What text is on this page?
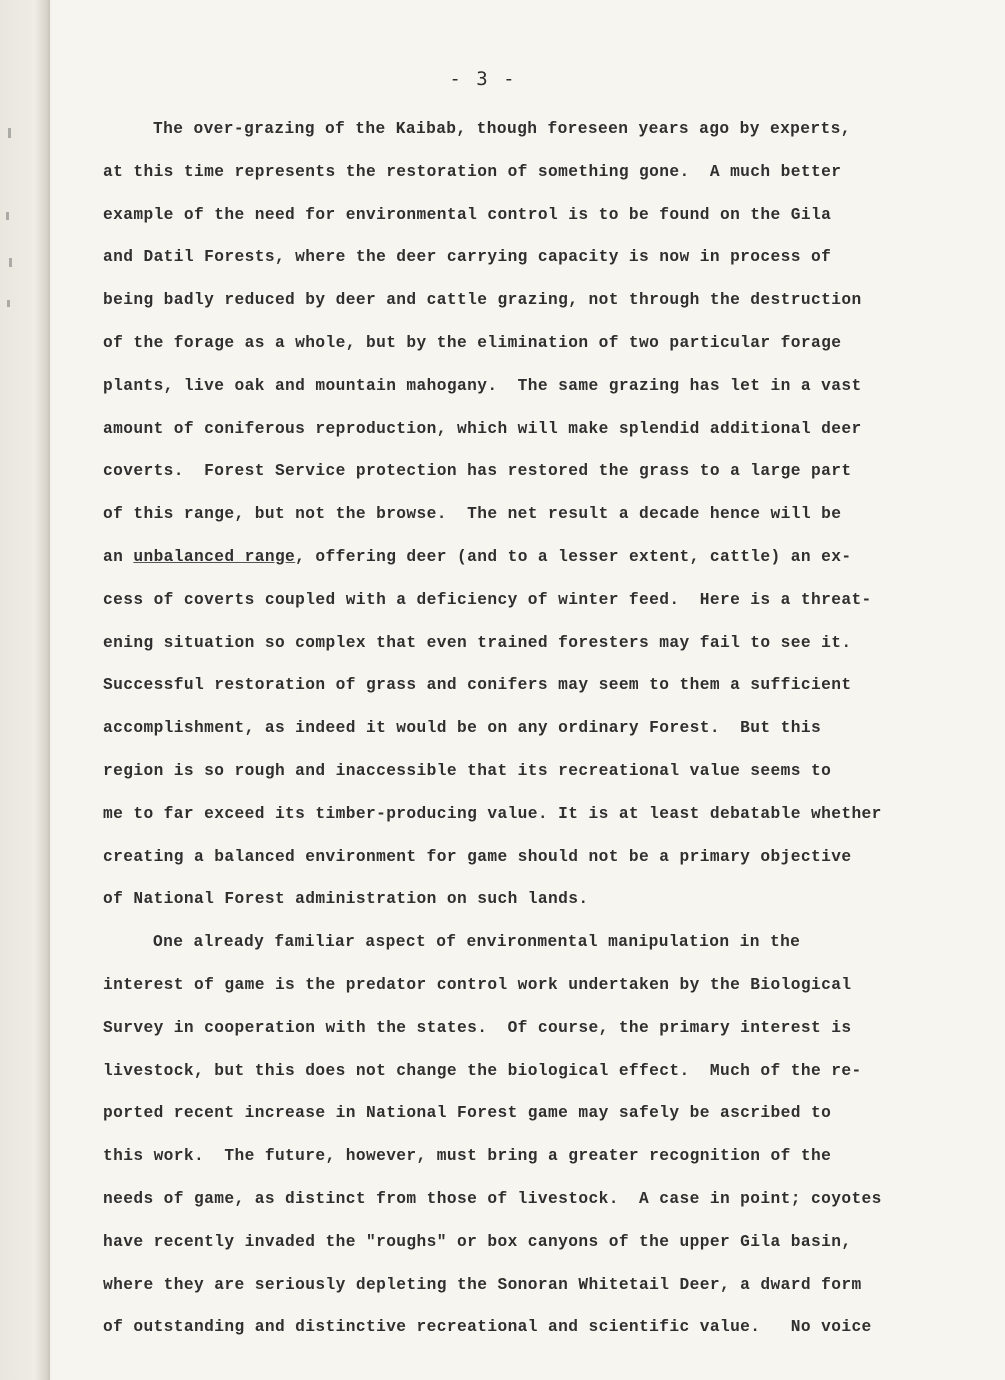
- 3 -

The over-grazing of the Kaibab, though foreseen years ago by experts,
at this time represents the restoration of something gone.  A much better
example of the need for environmental control is to be found on the Gila
and Datil Forests, where the deer carrying capacity is now in process of
being badly reduced by deer and cattle grazing, not through the destruction
of the forage as a whole, but by the elimination of two particular forage
plants, live oak and mountain mahogany.  The same grazing has let in a vast
amount of coniferous reproduction, which will make splendid additional deer
coverts.  Forest Service protection has restored the grass to a large part
of this range, but not the browse.  The net result a decade hence will be
an unbalanced range, offering deer (and to a lesser extent, cattle) an ex-
cess of coverts coupled with a deficiency of winter feed.  Here is a threat-
ening situation so complex that even trained foresters may fail to see it.
Successful restoration of grass and conifers may seem to them a sufficient
accomplishment, as indeed it would be on any ordinary Forest.  But this
region is so rough and inaccessible that its recreational value seems to
me to far exceed its timber-producing value. It is at least debatable whether
creating a balanced environment for game should not be a primary objective
of National Forest administration on such lands.
One already familiar aspect of environmental manipulation in the
interest of game is the predator control work undertaken by the Biological
Survey in cooperation with the states.  Of course, the primary interest is
livestock, but this does not change the biological effect.  Much of the re-
ported recent increase in National Forest game may safely be ascribed to
this work.  The future, however, must bring a greater recognition of the
needs of game, as distinct from those of livestock.  A case in point; coyotes
have recently invaded the "roughs" or box canyons of the upper Gila basin,
where they are seriously depleting the Sonoran Whitetail Deer, a dward form
of outstanding and distinctive recreational and scientific value.   No voice
